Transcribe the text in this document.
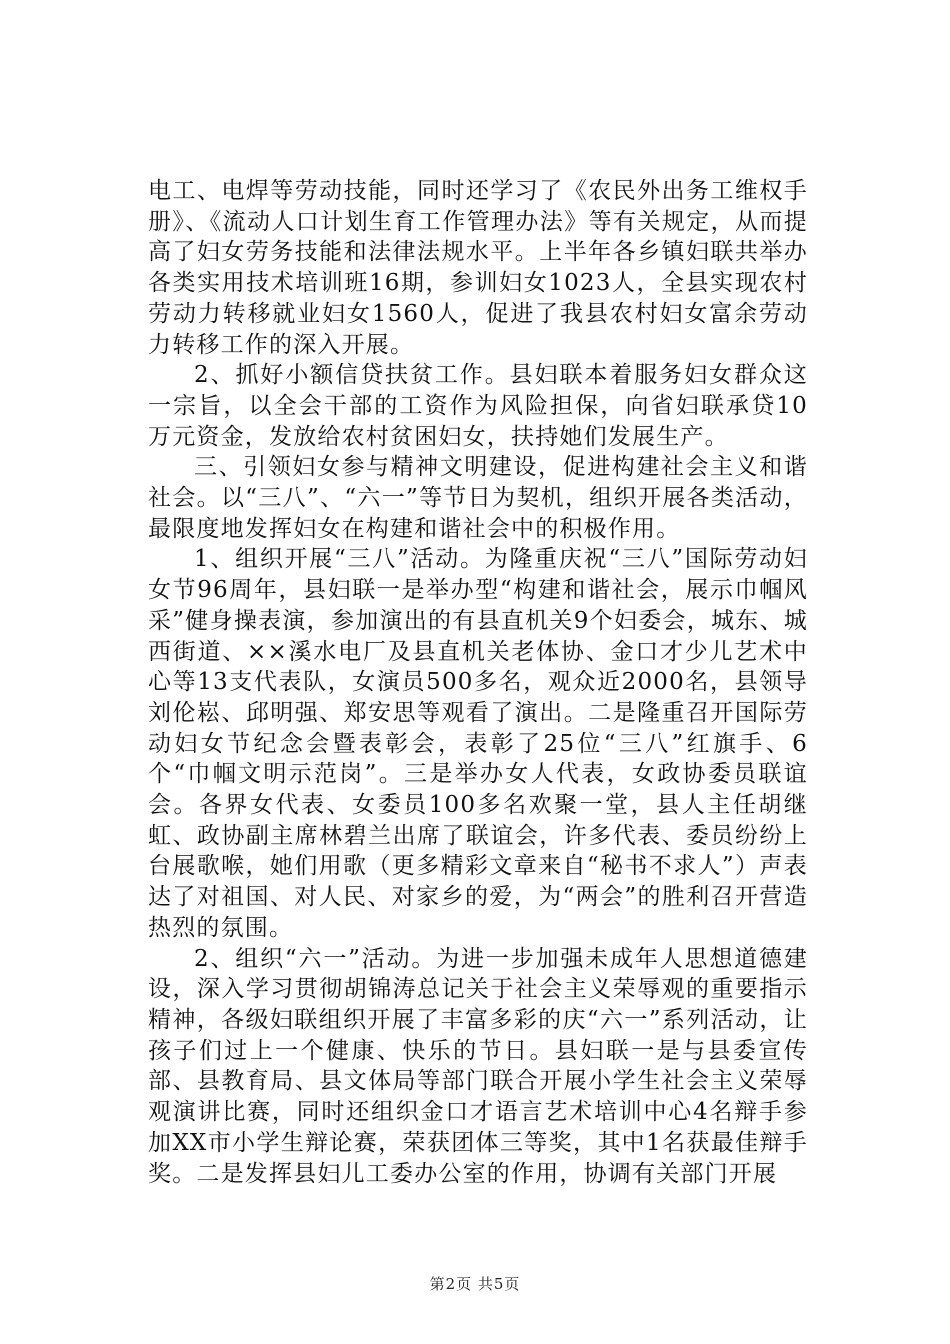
电工、电焊等劳动技能，同时还学习了《农民外出务工维权手册》、《流动人口计划生育工作管理办法》等有关规定，从而提高了妇女劳务技能和法律法规水平。上半年各乡镇妇联共举办各类实用技术培训班16期，参训妇女1023人，全县实现农村劳动力转移就业妇女1560人，促进了我县农村妇女富余劳动力转移工作的深入开展。

2、抓好小额信贷扶贫工作。县妇联本着服务妇女群众这一宗旨，以全会干部的工资作为风险担保，向省妇联承贷10万元资金，发放给农村贫困妇女，扶持她们发展生产。

三、引领妇女参与精神文明建设，促进构建社会主义和谐社会。以“三八”、“六一”等节日为契机，组织开展各类活动，最限度地发挥妇女在构建和谐社会中的积极作用。

1、组织开展“三八”活动。为隆重庆祝“三八”国际劳动妇女节96周年，县妇联一是举办型“构建和谐社会，展示巾帼风采”健身操表演，参加演出的有县直机关9个妇委会，城东、城西街道、××溪水电厂及县直机关老体协、金口才少儿艺术中心等13支代表队，女演员500多名，观众近2000名，县领导刘伦崧、邱明强、郑安思等观看了演出。二是隆重召开国际劳动妇女节纪念会暨表彰会，表彰了25位“三八”红旗手、6个“巾帼文明示范岗”。三是举办女人代表，女政协委员联谊会。各界女代表、女委员100多名欢聚一堂，县人主任胡继虹、政协副主席林碧兰出席了联谊会，许多代表、委员纷纷上台展歌喉，她们用歌（更多精彩文章来自“秘书不求人”）声表达了对祖国、对人民、对家乡的爱，为“两会”的胜利召开营造热烈的氛围。

2、组织“六一”活动。为进一步加强未成年人思想道德建设，深入学习贯彻胡锦涛总记关于社会主义荣辱观的重要指示精神，各级妇联组织开展了丰富多彩的庆“六一”系列活动，让孩子们过上一个健康、快乐的节日。县妇联一是与县委宣传部、县教育局、县文体局等部门联合开展小学生社会主义荣辱观演讲比赛，同时还组织金口才语言艺术培训中心4名辩手参加XX市小学生辩论赛，荣获团体三等奖，其中1名获最佳辩手奖。二是发挥县妇儿工委办公室的作用，协调有关部门开展

第2页 共5页
